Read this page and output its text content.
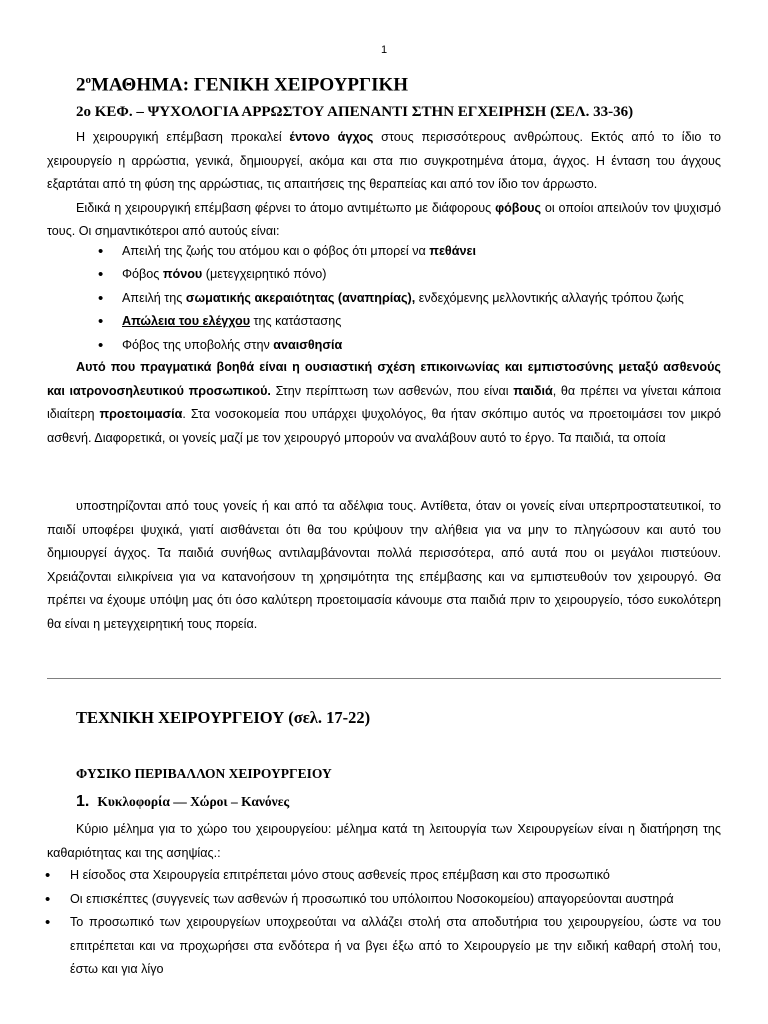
1
$2^oMA\Theta HMA$: ΓΕΝΙΚΗ ΧΕΙΡΟΥΡΓΙΚΗ
2ο ΚΕΦ. – ΨΥΧΟΛΟΓΙΑ ΑΡΡΩΣΤΟΥ ΑΠΕΝΑΝΤΙ ΣΤΗΝ ΕΓΧΕΙΡΗΣΗ (ΣΕΛ. 33-36)

Η χειρουργική επέμβαση προκαλεί έντονο άγχος στους περισσότερους ανθρώπους. Εκτός από το ίδιο το χειρουργείο η αρρώστια, γενικά, δημιουργεί, ακόμα και στα πιο συγκροτημένα άτομα, άγχος. Η ένταση του άγχους εξαρτάται από τη φύση της αρρώστιας, τις απαιτήσεις της θεραπείας και από τον ίδιο τον άρρωστο.

Ειδικά η χειρουργική επέμβαση φέρνει το άτομο αντιμέτωπο με διάφορους φόβους οι οποίοι απειλούν τον ψυχισμό τους. Οι σημαντικότεροι από αυτούς είναι:

• Απειλή της ζωής του ατόμου και ο φόβος ότι μπορεί να πεθάνει
• Φόβος πόνου (μετεγχειρητικό πόνο)
• Απειλή της σωματικής ακεραιότητας (αναπηρίας), ενδεχόμενης μελλοντικής αλλαγής τρόπου ζωής
• Απώλεια του ελέγχου της κατάστασης
• Φόβος της υποβολής στην αναισθησία

Αυτό που πραγματικά βοηθά είναι η ουσιαστική σχέση επικοινωνίας και εμπιστοσύνης μεταξύ ασθενούς και ιατρονοσηλευτικού προσωπικού. Στην περίπτωση των ασθενών, που είναι παιδιά, θα πρέπει να γίνεται κάποια ιδιαίτερη προετοιμασία. Στα νοσοκομεία που υπάρχει ψυχολόγος, θα ήταν σκόπιμο αυτός να προετοιμάσει τον μικρό ασθενή. Διαφορετικά, οι γονείς μαζί με τον χειρουργό μπορούν να αναλάβουν αυτό το έργο. Τα παιδιά, τα οποία

υποστηρίζονται από τους γονείς ή και από τα αδέλφια τους. Αντίθετα, όταν οι γονείς είναι υπερπροστατευτικοί, το παιδί υποφέρει ψυχικά, γιατί αισθάνεται ότι θα του κρύψουν την αλήθεια για να μην το πληγώσουν και αυτό του δημιουργεί άγχος. Τα παιδιά συνήθως αντιλαμβάνονται πολλά περισσότερα, από αυτά που οι μεγάλοι πιστεύουν. Χρειάζονται ειλικρίνεια για να κατανοήσουν τη χρησιμότητα της επέμβασης και να εμπιστευθούν τον χειρουργό. Θα πρέπει να έχουμε υπόψη μας ότι όσο καλύτερη προετοιμασία κάνουμε στα παιδιά πριν το χειρουργείο, τόσο ευκολότερη θα είναι η μετεγχειρητική τους πορεία.

ΤΕΧΝΙΚΗ ΧΕΙΡΟΥΡΓΕΙΟΥ (σελ. 17-22)
ΦΥΣΙΚΟ ΠΕΡΙΒΑΛΛΟΝ ΧΕΙΡΟΥΡΓΕΙΟΥ
1. Κυκλοφορία — Χώροι – Κανόνες

Κύριο μέλημα για το χώρο του χειρουργείου: μέλημα κατά τη λειτουργία των Χειρουργείων είναι η διατήρηση της καθαριότητας και της ασηψίας.:

• Η είσοδος στα Χειρουργεία επιτρέπεται μόνο στους ασθενείς προς επέμβαση και στο προσωπικό
• Οι επισκέπτες (συγγενείς των ασθενών ή προσωπικό του υπόλοιπου Νοσοκομείου) απαγορεύονται αυστηρά
• Το προσωπικό των χειρουργείων υποχρεούται να αλλάζει στολή στα αποδυτήρια του χειρουργείου, ώστε να του επιτρέπεται και να προχωρήσει στα ενδότερα ή να βγει έξω από το Χειρουργείο με την ειδική καθαρή στολή του, έστω και για λίγο
